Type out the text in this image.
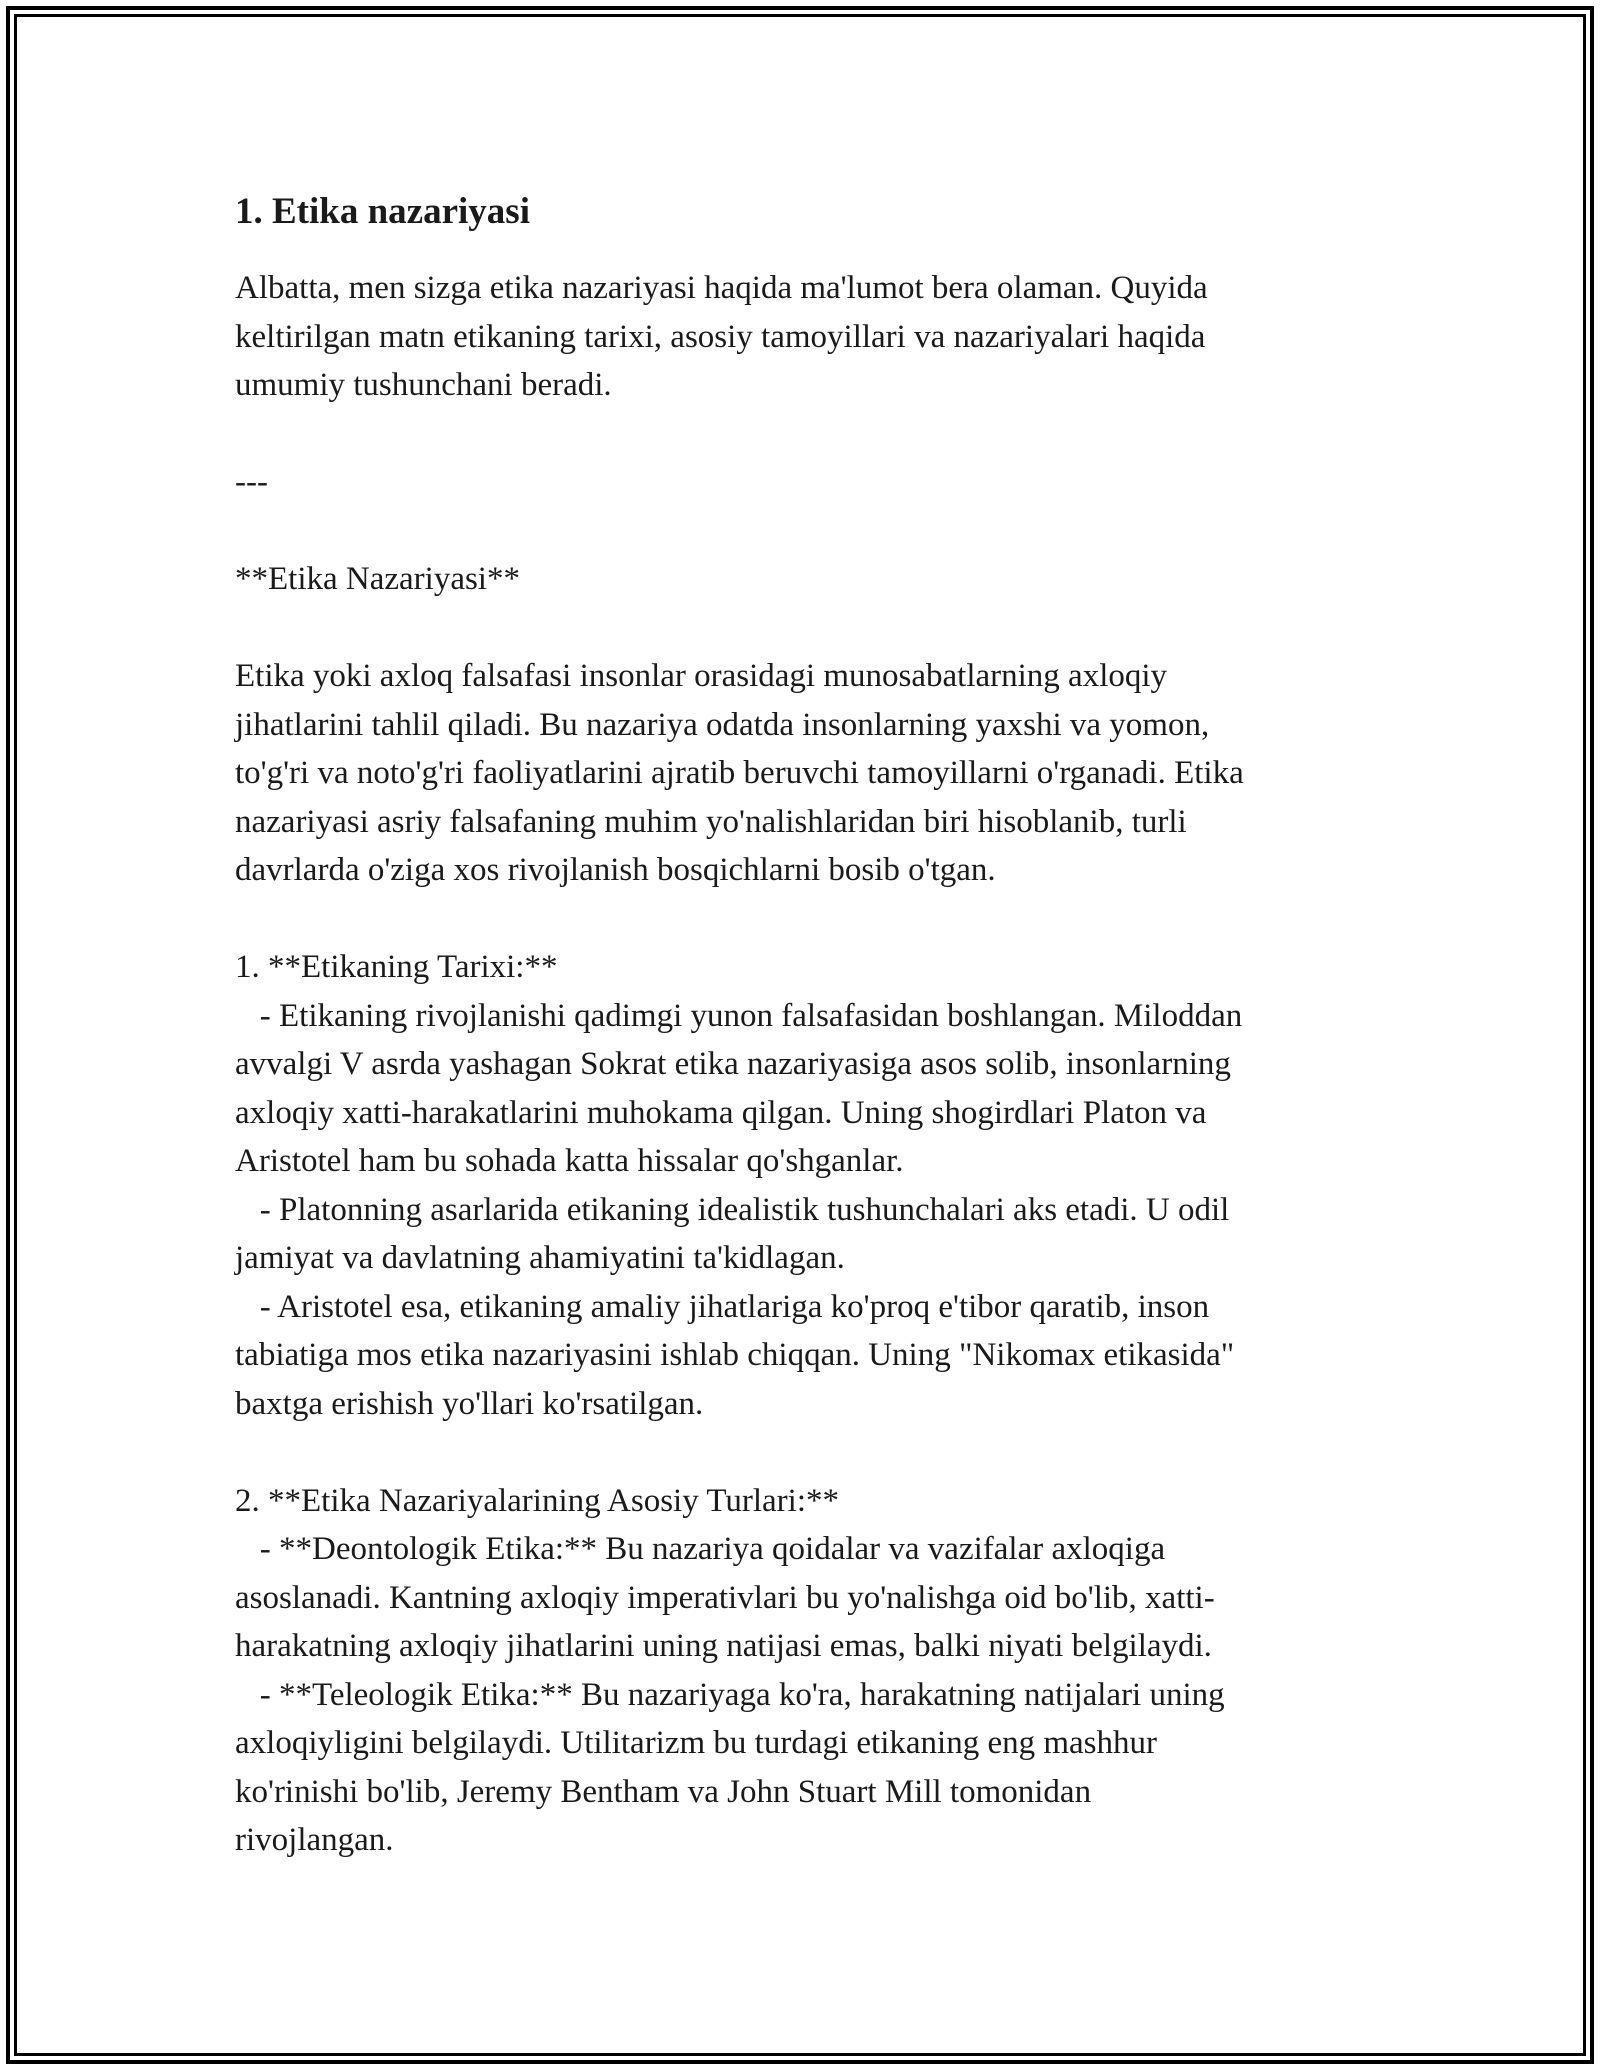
1. Etika nazariyasi
Albatta, men sizga etika nazariyasi haqida ma'lumot bera olaman. Quyida
keltirilgan matn etikaning tarixi, asosiy tamoyillari va nazariyalari haqida
umumiy tushunchani beradi.

---

**Etika Nazariyasi**

Etika yoki axloq falsafasi insonlar orasidagi munosabatlarning axloqiy
jihatlarini tahlil qiladi. Bu nazariya odatda insonlarning yaxshi va yomon,
to'g'ri va noto'g'ri faoliyatlarini ajratib beruvchi tamoyillarni o'rganadi. Etika
nazariyasi asriy falsafaning muhim yo'nalishlaridan biri hisoblanib, turli
davrlarda o'ziga xos rivojlanish bosqichlarni bosib o'tgan.

1. **Etikaning Tarixi:**
- Etikaning rivojlanishi qadimgi yunon falsafasidan boshlangan. Miloddan
avvalgi V asrda yashagan Sokrat etika nazariyasiga asos solib, insonlarning
axloqiy xatti-harakatlarini muhokama qilgan. Uning shogirdlari Platon va
Aristotel ham bu sohada katta hissalar qo'shganlar.
- Platonning asarlarida etikaning idealistik tushunchalari aks etadi. U odil
jamiyat va davlatning ahamiyatini ta'kidlagan.
- Aristotel esa, etikaning amaliy jihatlariga ko'proq e'tibor qaratib, inson
tabiatiga mos etika nazariyasini ishlab chiqqan. Uning "Nikomax etikasida"
baxtga erishish yo'llari ko'rsatilgan.

2. **Etika Nazariyalarining Asosiy Turlari:**
- **Deontologik Etika:** Bu nazariya qoidalar va vazifalar axloqiga
asoslanadi. Kantning axloqiy imperativlari bu yo'nalishga oid bo'lib, xatti-
harakatning axloqiy jihatlarini uning natijasi emas, balki niyati belgilaydi.
- **Teleologik Etika:** Bu nazariyaga ko'ra, harakatning natijalari uning
axloqiyligini belgilaydi. Utilitarizm bu turdagi etikaning eng mashhur
ko'rinishi bo'lib, Jeremy Bentham va John Stuart Mill tomonidan
rivojlangan.
